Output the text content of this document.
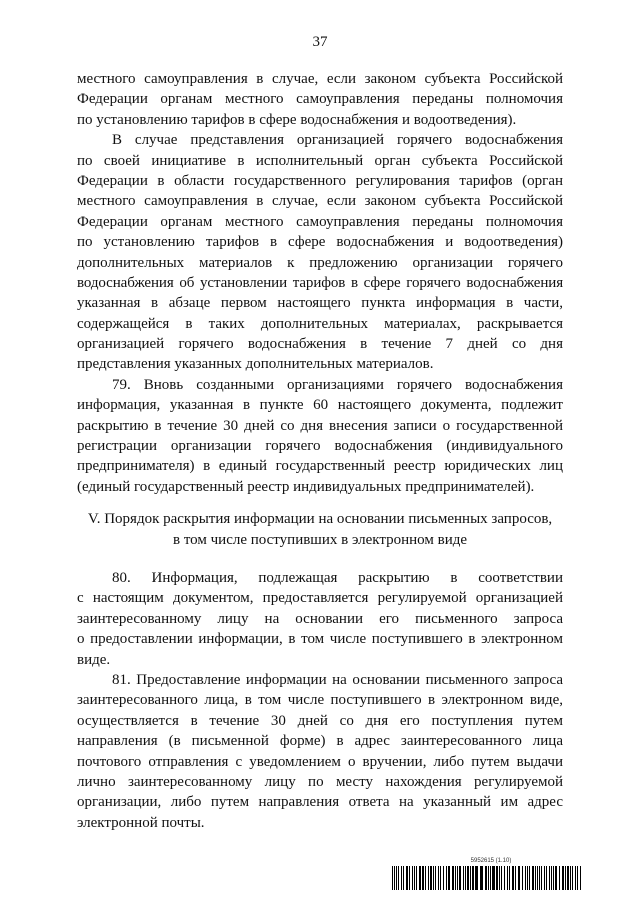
37
местного самоуправления в случае, если законом субъекта Российской
Федерации органам местного самоуправления переданы полномочия
по установлению тарифов в сфере водоснабжения и водоотведения).
В случае представления организацией горячего водоснабжения
по своей инициативе в исполнительный орган субъекта Российской
Федерации в области государственного регулирования тарифов (орган
местного самоуправления в случае, если законом субъекта Российской
Федерации органам местного самоуправления переданы полномочия
по установлению тарифов в сфере водоснабжения и водоотведения)
дополнительных материалов к предложению организации горячего
водоснабжения об установлении тарифов в сфере горячего водоснабжения
указанная в абзаце первом настоящего пункта информация в части,
содержащейся в таких дополнительных материалах, раскрывается
организацией горячего водоснабжения в течение 7 дней со дня
представления указанных дополнительных материалов.
79. Вновь созданными организациями горячего водоснабжения
информация, указанная в пункте 60 настоящего документа, подлежит
раскрытию в течение 30 дней со дня внесения записи о государственной
регистрации организации горячего водоснабжения (индивидуального
предпринимателя) в единый государственный реестр юридических лиц
(единый государственный реестр индивидуальных предпринимателей).
V. Порядок раскрытия информации на основании письменных запросов,
в том числе поступивших в электронном виде
80. Информация, подлежащая раскрытию в соответствии
с настоящим документом, предоставляется регулируемой организацией
заинтересованному лицу на основании его письменного запроса
о предоставлении информации, в том числе поступившего в электронном
виде.
81. Предоставление информации на основании письменного запроса
заинтересованного лица, в том числе поступившего в электронном виде,
осуществляется в течение 30 дней со дня его поступления путем
направления (в письменной форме) в адрес заинтересованного лица
почтового отправления с уведомлением о вручении, либо путем выдачи
лично заинтересованному лицу по месту нахождения регулируемой
организации, либо путем направления ответа на указанный им адрес
электронной почты.
5952615 (1.10)
